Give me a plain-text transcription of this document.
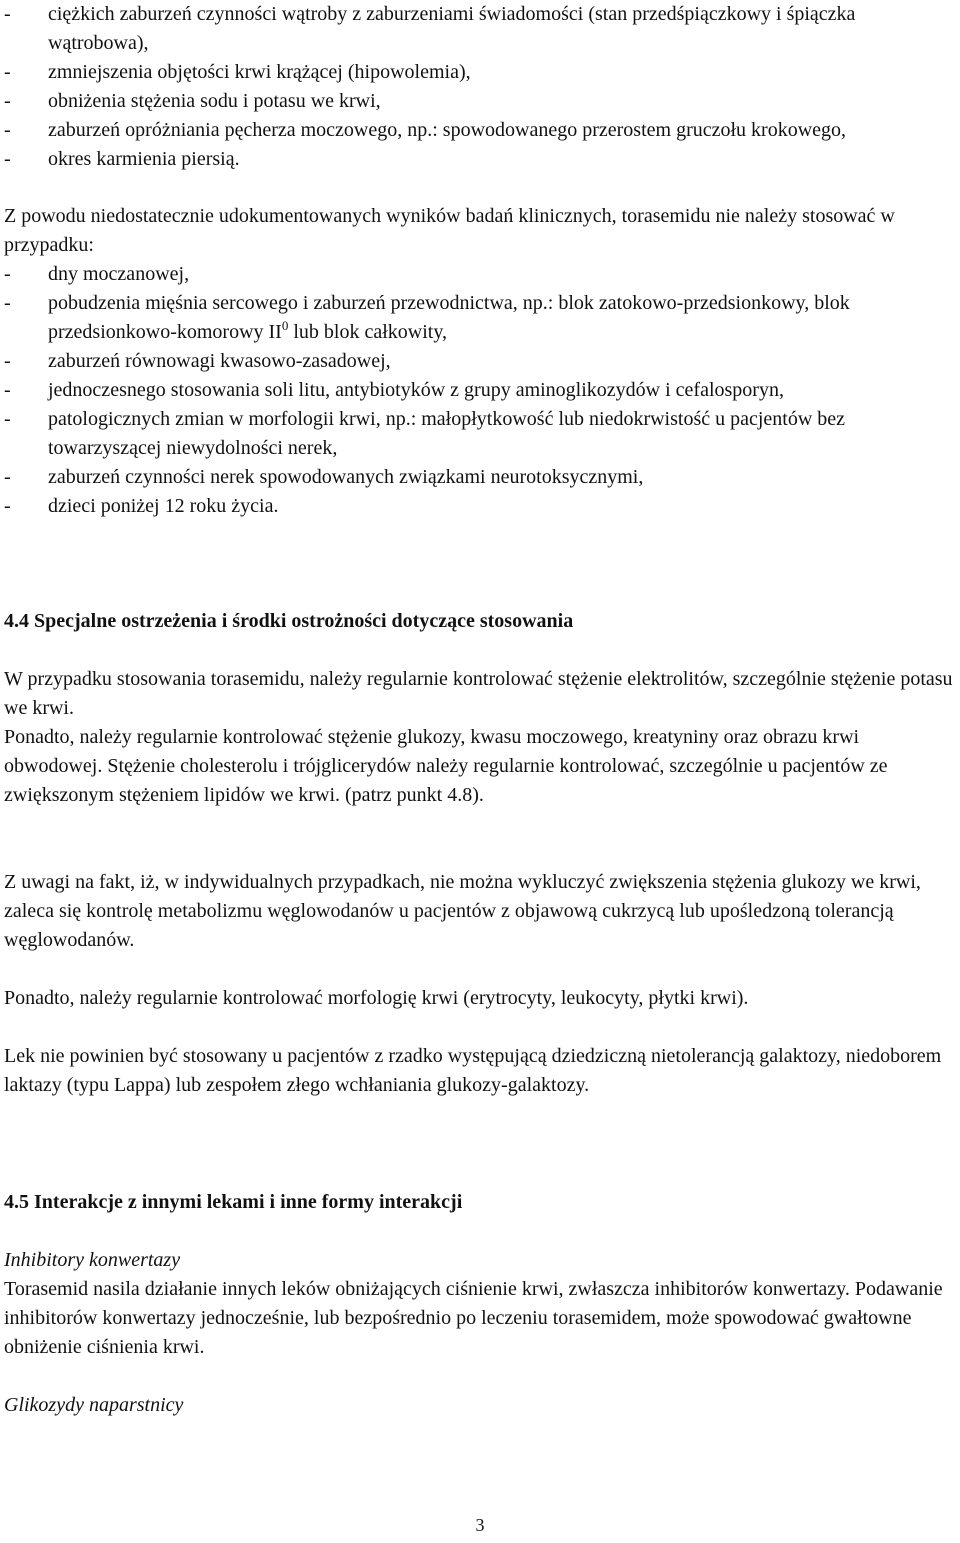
- ciężkich zaburzeń czynności wątroby z zaburzeniami świadomości (stan przedśpiączkowy i śpiączka wątrobowa),
- zmniejszenia objętości krwi krążącej (hipowolemia),
- obniżenia stężenia sodu i potasu we krwi,
- zaburzeń opróżniania pęcherza moczowego, np.: spowodowanego przerostem gruczołu krokowego,
- okres karmienia piersią.

Z powodu niedostatecznie udokumentowanych wyników badań klinicznych, torasemidu nie należy stosować w przypadku:

- dny moczanowej,
- pobudzenia mięśnia sercowego i zaburzeń przewodnictwa, np.: blok zatokowo-przedsionkowy, blok przedsionkowo-komorowy $II^0$ lub blok całkowity,
- zaburzeń równowagi kwasowo-zasadowej,
- jednoczesnego stosowania soli litu, antybiotyków z grupy aminoglikozydów i cefalosporyn,
- patologicznych zmian w morfologii krwi, np.: małopłytkowość lub niedokrwistość u pacjentów bez towarzyszącej niewydolności nerek,
- zaburzeń czynności nerek spowodowanych związkami neurotoksycznymi,
- dzieci poniżej 12 roku życia.
4.4 Specjalne ostrzeżenia i środki ostrożności dotyczące stosowania

W przypadku stosowania torasemidu, należy regularnie kontrolować stężenie elektrolitów, szczególnie stężenie potasu we krwi.

Ponadto, należy regularnie kontrolować stężenie glukozy, kwasu moczowego, kreatyniny oraz obrazu krwi obwodowej. Stężenie cholesterolu i trójglicerydów należy regularnie kontrolować, szczególnie u pacjentów ze zwiększonym stężeniem lipidów we krwi. (patrz punkt 4.8).

Z uwagi na fakt, iż, w indywidualnych przypadkach, nie można wykluczyć zwiększenia stężenia glukozy we krwi, zaleca się kontrolę metabolizmu węglowodanów u pacjentów z objawową cukrzycą lub upośledzoną tolerancją węglowodanów.

Ponadto, należy regularnie kontrolować morfologię krwi (erytrocyty, leukocyty, płytki krwi).

Lek nie powinien być stosowany u pacjentów z rzadko występującą dziedziczną nietolerancją galaktozy, niedoborem laktazy (typu Lappa) lub zespołem złego wchłaniania glukozy-galaktozy.

4.5 Interakcje z innymi lekami i inne formy interakcji

Inhibitory konwertazy

Torasemid nasila działanie innych leków obniżających ciśnienie krwi, zwłaszcza inhibitorów konwertazy. Podawanie inhibitorów konwertazy jednocześnie, lub bezpośrednio po leczeniu torasemidem, może spowodować gwałtowne obniżenie ciśnienia krwi.

Glikozydy naparstnicy

3
